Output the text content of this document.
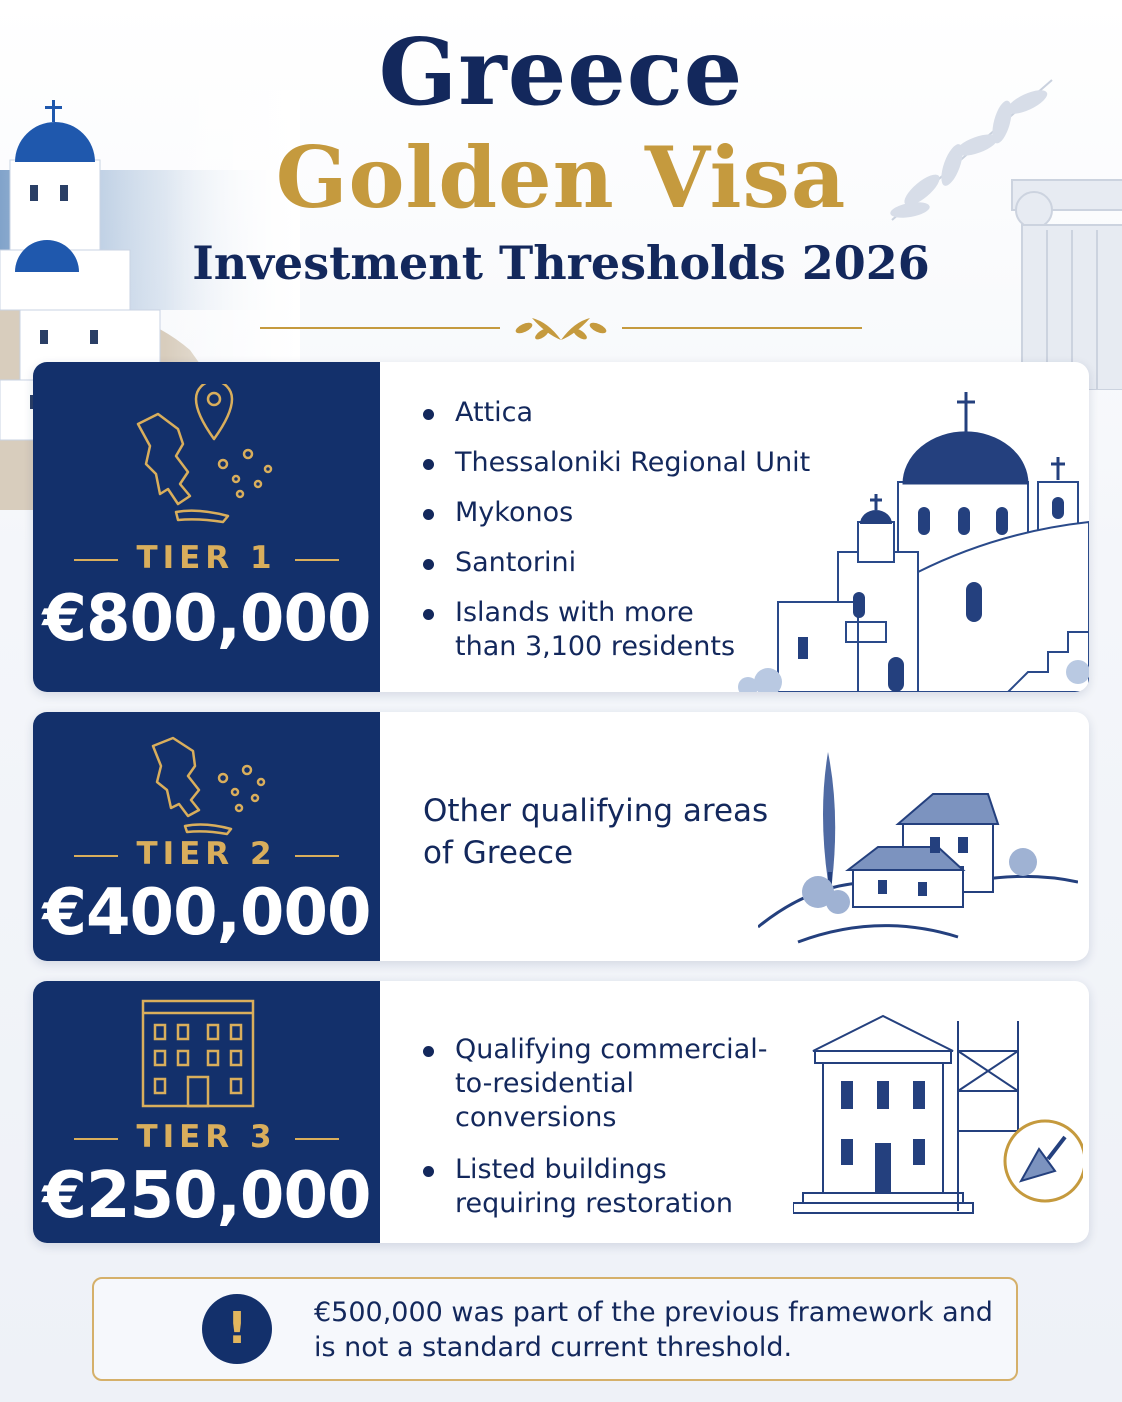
Greece
Golden Visa
Investment Thresholds 2026
TIER 1
€800,000
Attica
Thessaloniki Regional Unit
Mykonos
Santorini
Islands with more than 3,100 residents
TIER 2
€400,000
Other qualifying areas of Greece
TIER 3
€250,000
Qualifying commercial-to-residential conversions
Listed buildings requiring restoration
!	€500,000 was part of the previous framework and is not a standard current threshold.
